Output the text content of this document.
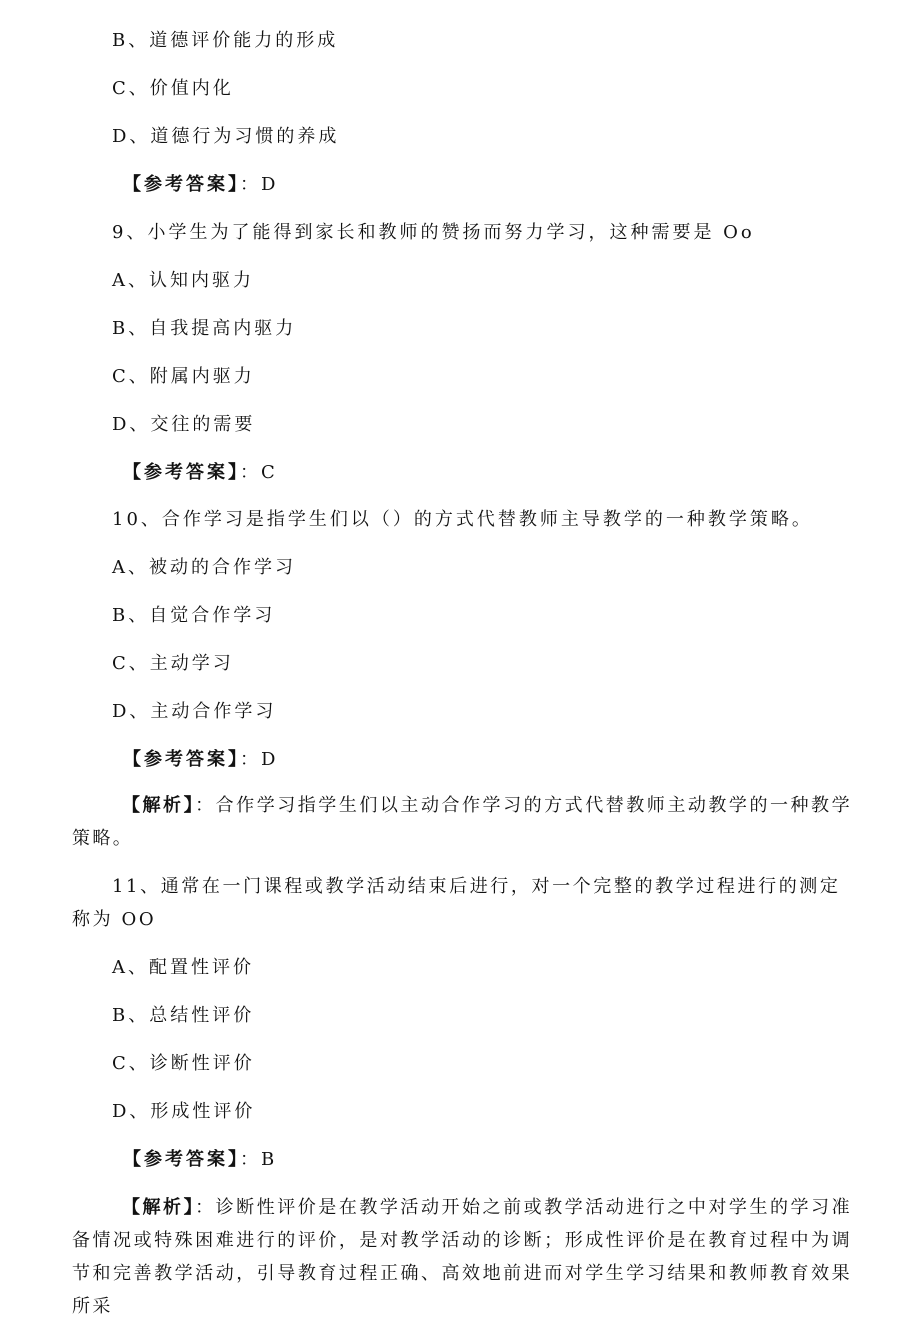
B、道德评价能力的形成
C、价值内化
D、道德行为习惯的养成
【参考答案】：D
9、小学生为了能得到家长和教师的赞扬而努力学习，这种需要是 Oo
A、认知内驱力
B、自我提高内驱力
C、附属内驱力
D、交往的需要
【参考答案】：C
10、合作学习是指学生们以（）的方式代替教师主导教学的一种教学策略。
A、被动的合作学习
B、自觉合作学习
C、主动学习
D、主动合作学习
【参考答案】：D
【解析】：合作学习指学生们以主动合作学习的方式代替教师主动教学的一种教学策略。
11、通常在一门课程或教学活动结束后进行，对一个完整的教学过程进行的测定称为 OO
A、配置性评价
B、总结性评价
C、诊断性评价
D、形成性评价
【参考答案】：B
【解析】：诊断性评价是在教学活动开始之前或教学活动进行之中对学生的学习准备情况或特殊困难进行的评价，是对教学活动的诊断；形成性评价是在教育过程中为调节和完善教学活动，引导教育过程正确、高效地前进而对学生学习结果和教师教育效果所采
